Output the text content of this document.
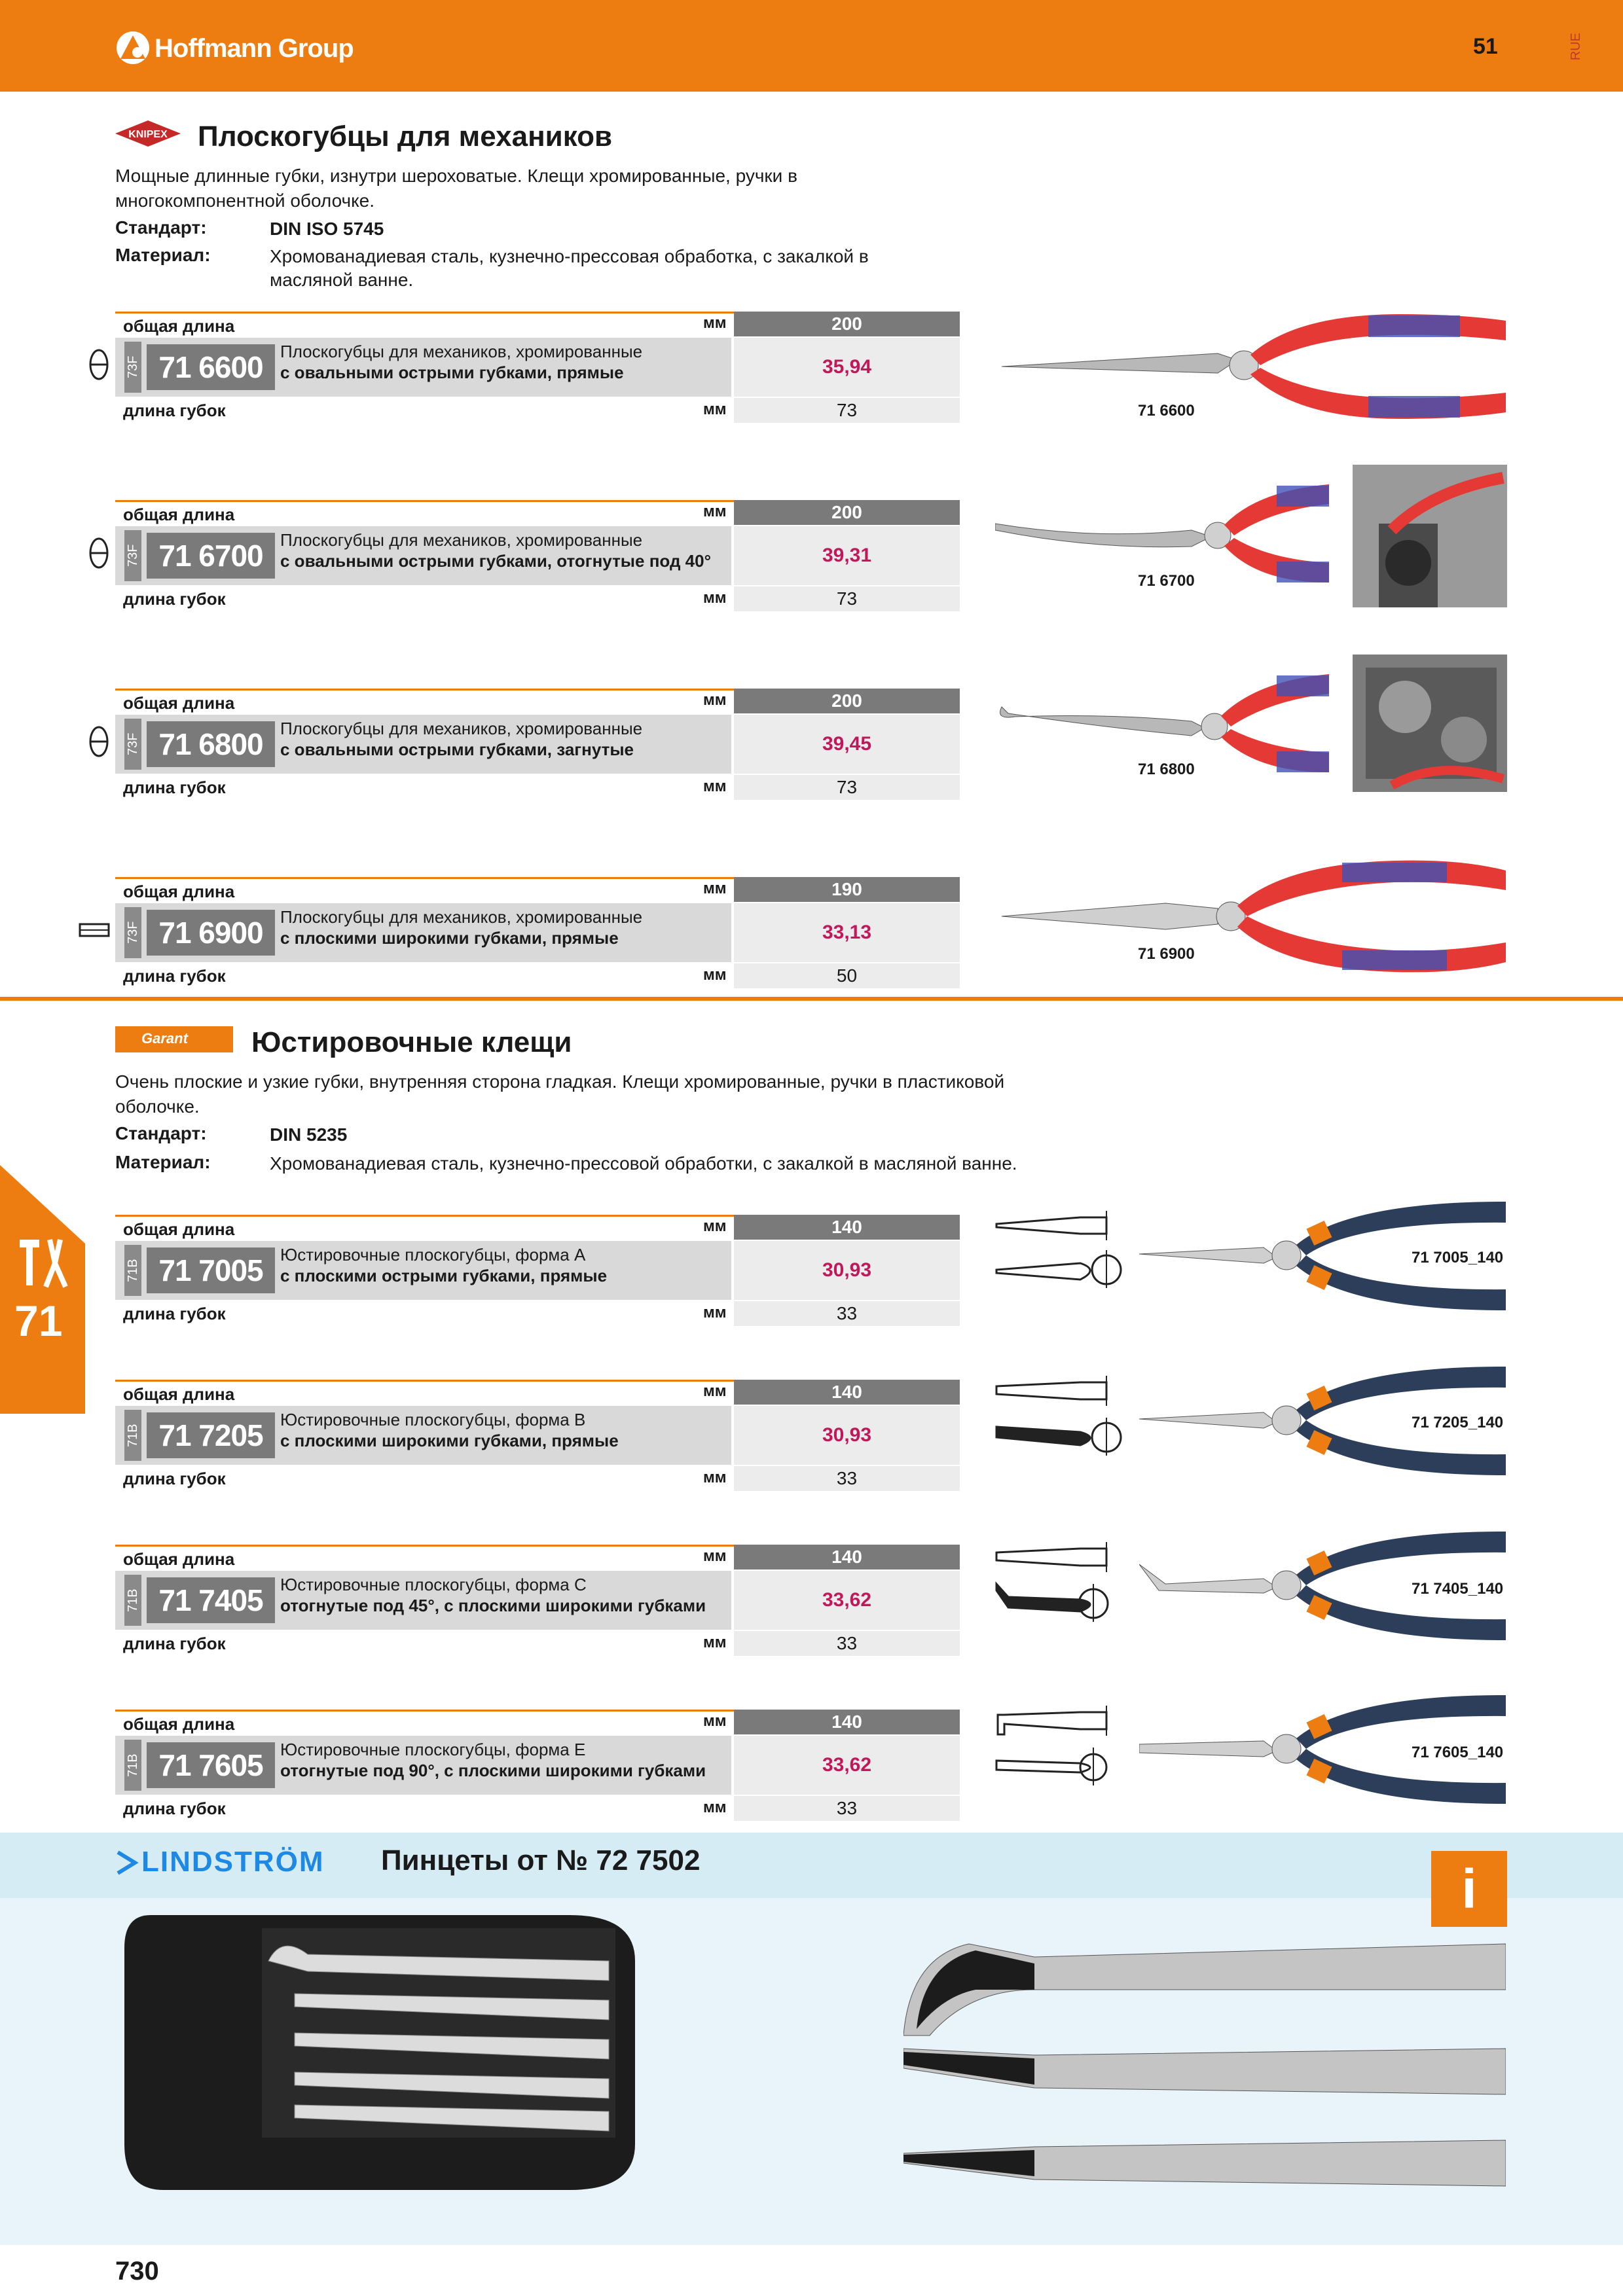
Hoffmann Group	51	RUE
KNIPEX Плоскогубцы для механиков
Мощные длинные губки, изнутри шероховатые. Клещи хромированные, ручки в многокомпонентной оболочке.
Стандарт:	DIN ISO 5745
Материал:	Хромованадиевая сталь, кузнечно-прессовая обработка, с закалкой в масляной ванне.
общая длина	мм	200
73F 71 6600	Плоскогубцы для механиков, хромированные
с овальными острыми губками, прямые	35,94
длина губок	мм	73	71 6600
общая длина	мм	200
73F 71 6700	Плоскогубцы для механиков, хромированные
с овальными острыми губками, отогнутые под 40°	39,31
длина губок	мм	73
71 6700
общая длина	мм	200
73F 71 6800	Плоскогубцы для механиков, хромированные
с овальными острыми губками, загнутые	39,45
длина губок	мм	73
71 6800
общая длина	мм	190
73F 71 6900	Плоскогубцы для механиков, хромированные
с плоскими широкими губками, прямые	33,13
длина губок	мм	50
71 6900
Garant Юстировочные клещи
Очень плоские и узкие губки, внутренняя сторона гладкая. Клещи хромированные, ручки в пластиковой оболочке.
Стандарт:	DIN 5235
Материал:	Хромованадиевая сталь, кузнечно-прессовой обработки, с закалкой в масляной ванне.
71
общая длина	мм	140
71B 71 7005	Юстировочные плоскогубцы, форма А
с плоскими острыми губками, прямые	30,93
длина губок	мм	33
71 7005_140
общая длина	мм	140
71B 71 7205	Юстировочные плоскогубцы, форма В
с плоскими широкими губками, прямые	30,93
длина губок	мм	33
71 7205_140
общая длина	мм	140
71B 71 7405	Юстировочные плоскогубцы, форма С
отогнутые под 45°, с плоскими широкими губками	33,62
длина губок	мм	33
71 7405_140
общая длина	мм	140
71B 71 7605	Юстировочные плоскогубцы, форма E
отогнутые под 90°, с плоскими широкими губками	33,62
длина губок	мм	33
71 7605_140
LINDSTRÖM Пинцеты от № 72 7502	i
730
